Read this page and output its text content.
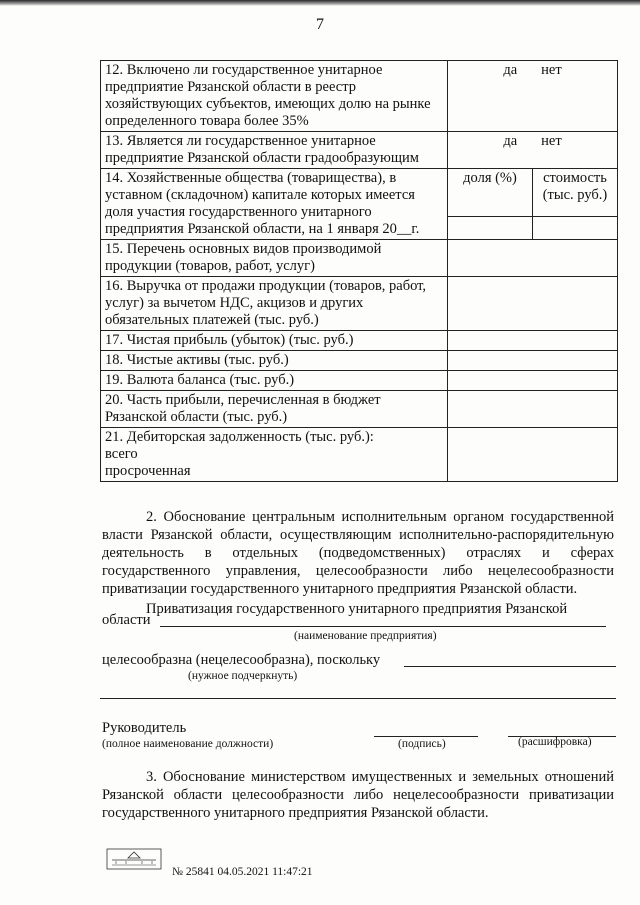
7
12. Включено ли государственное унитарное предприятие Рязанской области в реестр хозяйствующих субъектов, имеющих долю на рынке определенного товара более 35%	да нет	
13. Является ли государственное унитарное предприятие Рязанской области градообразующим	да нет	
14. Хозяйственные общества (товарищества), в уставном (складочном) капитале которых имеется доля участия государственного унитарного предприятия Рязанской области, на 1 января 20__г.	доля (%)	стоимость (тыс. руб.)

15. Перечень основных видов производимой продукции (товаров, работ, услуг)		
16. Выручка от продажи продукции (товаров, работ, услуг) за вычетом НДС, акцизов и других обязательных платежей (тыс. руб.)		
17. Чистая прибыль (убыток) (тыс. руб.)		
18. Чистые активы (тыс. руб.)		
19. Валюта баланса (тыс. руб.)		
20. Часть прибыли, перечисленная в бюджет Рязанской области (тыс. руб.)		

21. Дебиторская задолженность (тыс. руб.):
всего
просроченная		

2. Обоснование центральным исполнительным органом государственной власти Рязанской области, осуществляющим исполнительно-распорядительную деятельность в отдельных (подведомственных) отраслях и сферах государственного управления, целесообразности либо нецелесообразности приватизации государственного унитарного предприятия Рязанской области.
Приватизация государственного унитарного предприятия Рязанской
области
(наименование предприятия)
целесообразна (нецелесообразна), поскольку
(нужное подчеркнуть)
Руководитель
(полное наименование должности)	(подпись)	(расшифровка)
3. Обоснование министерством имущественных и земельных отношений Рязанской области целесообразности либо нецелесообразности приватизации государственного унитарного предприятия Рязанской области.
№ 25841 04.05.2021 11:47:21
